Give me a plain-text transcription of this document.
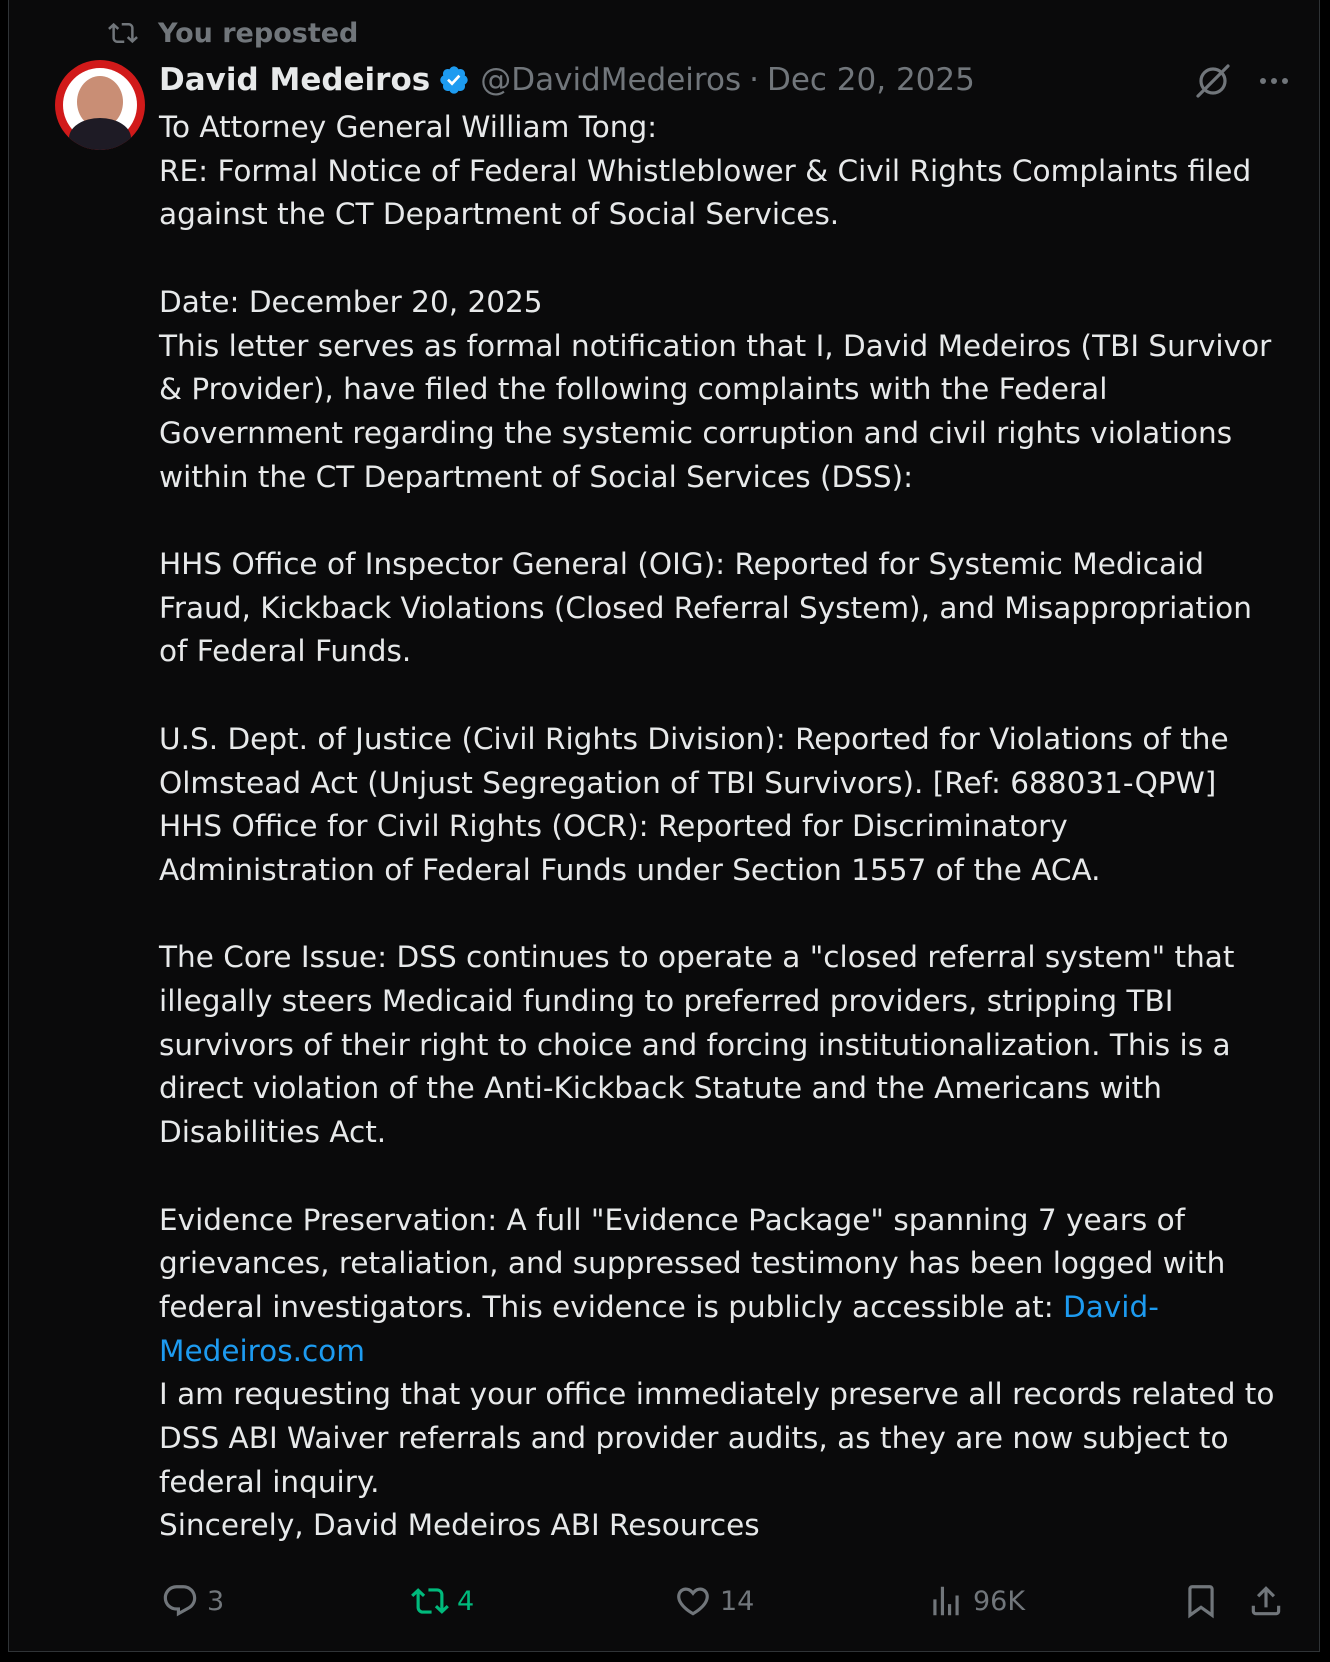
You reposted
David Medeiros @DavidMedeiros · Dec 20, 2025

To Attorney General William Tong:

RE: Formal Notice of Federal Whistleblower & Civil Rights Complaints filed against the CT Department of Social Services.

Date: December 20, 2025

This letter serves as formal notification that I, David Medeiros (TBI Survivor & Provider), have filed the following complaints with the Federal Government regarding the systemic corruption and civil rights violations within the CT Department of Social Services (DSS):

HHS Office of Inspector General (OIG): Reported for Systemic Medicaid Fraud, Kickback Violations (Closed Referral System), and Misappropriation of Federal Funds.

U.S. Dept. of Justice (Civil Rights Division): Reported for Violations of the Olmstead Act (Unjust Segregation of TBI Survivors). [Ref: 688031-QPW]

HHS Office for Civil Rights (OCR): Reported for Discriminatory Administration of Federal Funds under Section 1557 of the ACA.

The Core Issue: DSS continues to operate a "closed referral system" that illegally steers Medicaid funding to preferred providers, stripping TBI survivors of their right to choice and forcing institutionalization. This is a direct violation of the Anti-Kickback Statute and the Americans with Disabilities Act.

Evidence Preservation: A full "Evidence Package" spanning 7 years of grievances, retaliation, and suppressed testimony has been logged with federal investigators. This evidence is publicly accessible at: David-Medeiros.com

I am requesting that your office immediately preserve all records related to DSS ABI Waiver referrals and provider audits, as they are now subject to federal inquiry.

Sincerely, David Medeiros ABI Resources

3	4	14	96K
